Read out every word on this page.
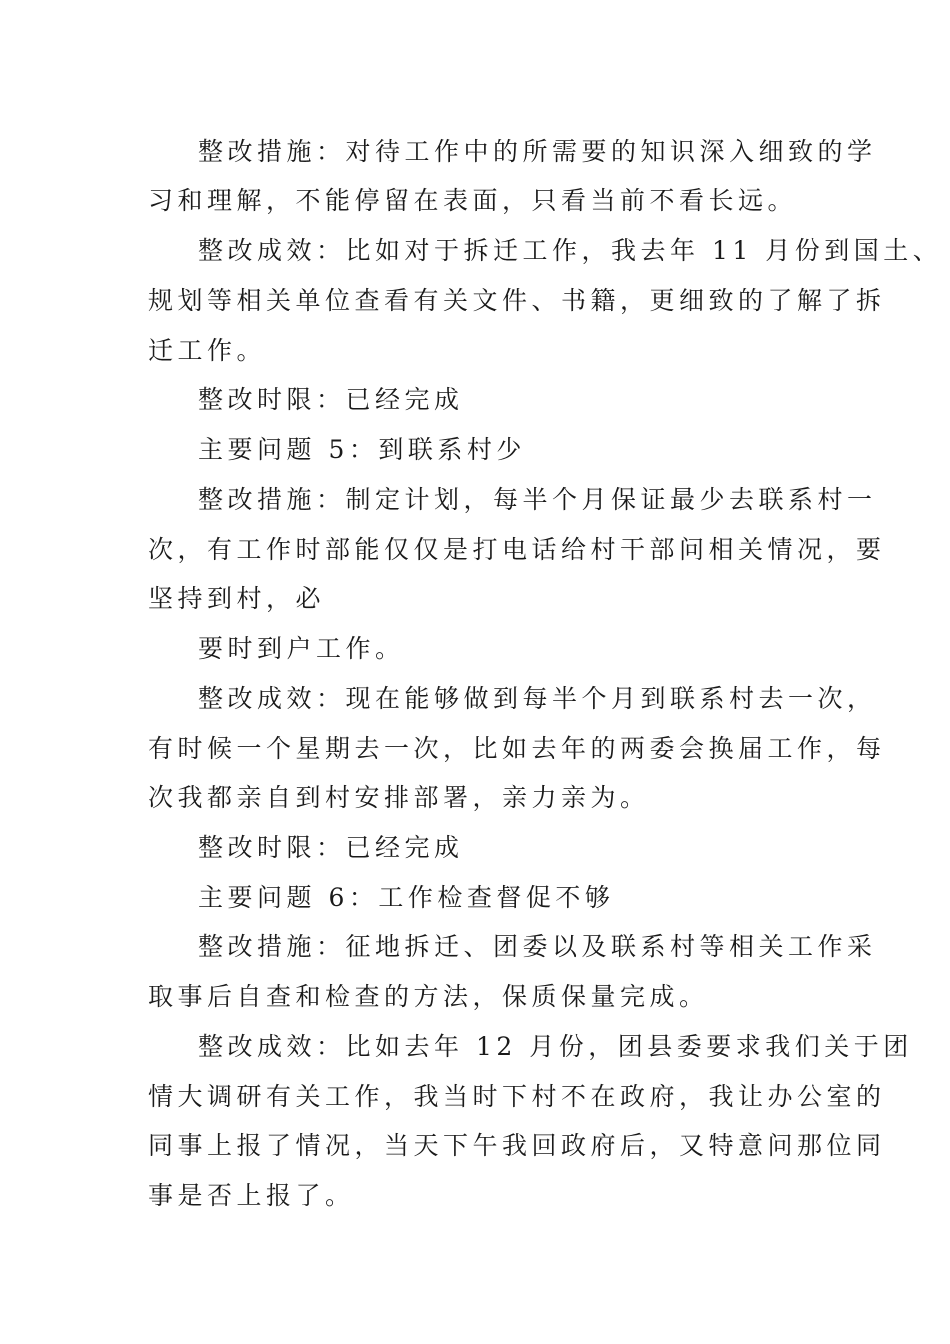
整改措施：对待工作中的所需要的知识深入细致的学
习和理解，不能停留在表面，只看当前不看长远。
整改成效：比如对于拆迁工作，我去年 11 月份到国土、
规划等相关单位查看有关文件、书籍，更细致的了解了拆
迁工作。
整改时限：已经完成
主要问题 5：到联系村少
整改措施：制定计划，每半个月保证最少去联系村一
次，有工作时部能仅仅是打电话给村干部问相关情况，要
坚持到村，必
要时到户工作。
整改成效：现在能够做到每半个月到联系村去一次，
有时候一个星期去一次，比如去年的两委会换届工作，每
次我都亲自到村安排部署，亲力亲为。
整改时限：已经完成
主要问题 6：工作检查督促不够
整改措施：征地拆迁、团委以及联系村等相关工作采
取事后自查和检查的方法，保质保量完成。
整改成效：比如去年 12 月份，团县委要求我们关于团
情大调研有关工作，我当时下村不在政府，我让办公室的
同事上报了情况，当天下午我回政府后，又特意问那位同
事是否上报了。
